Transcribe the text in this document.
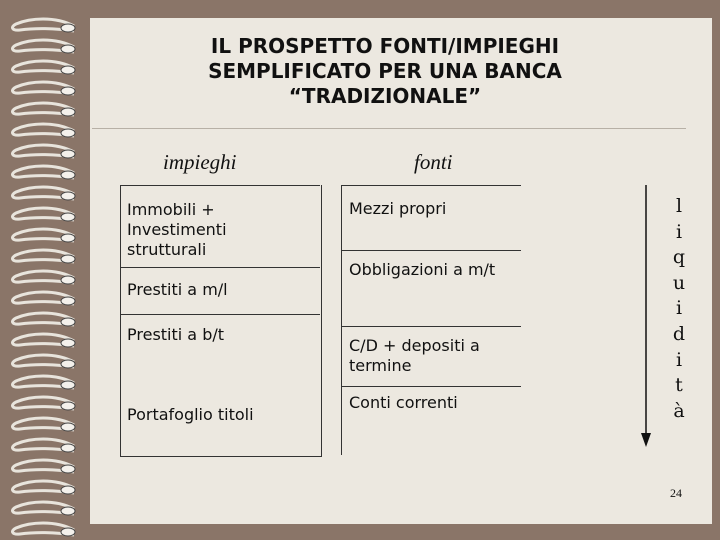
IL PROSPETTO FONTI/IMPIEGHI
SEMPLIFICATO PER UNA BANCA
“TRADIZIONALE”
impieghi	fonti
Immobili +
Investimenti
strutturali
Prestiti a m/l
Prestiti a b/t
Portafoglio titoli
Mezzi propri
Obbligazioni a m/t
C/D + depositi a
termine
Conti correnti
l
i
q
u
i
d
i
t
à
24
